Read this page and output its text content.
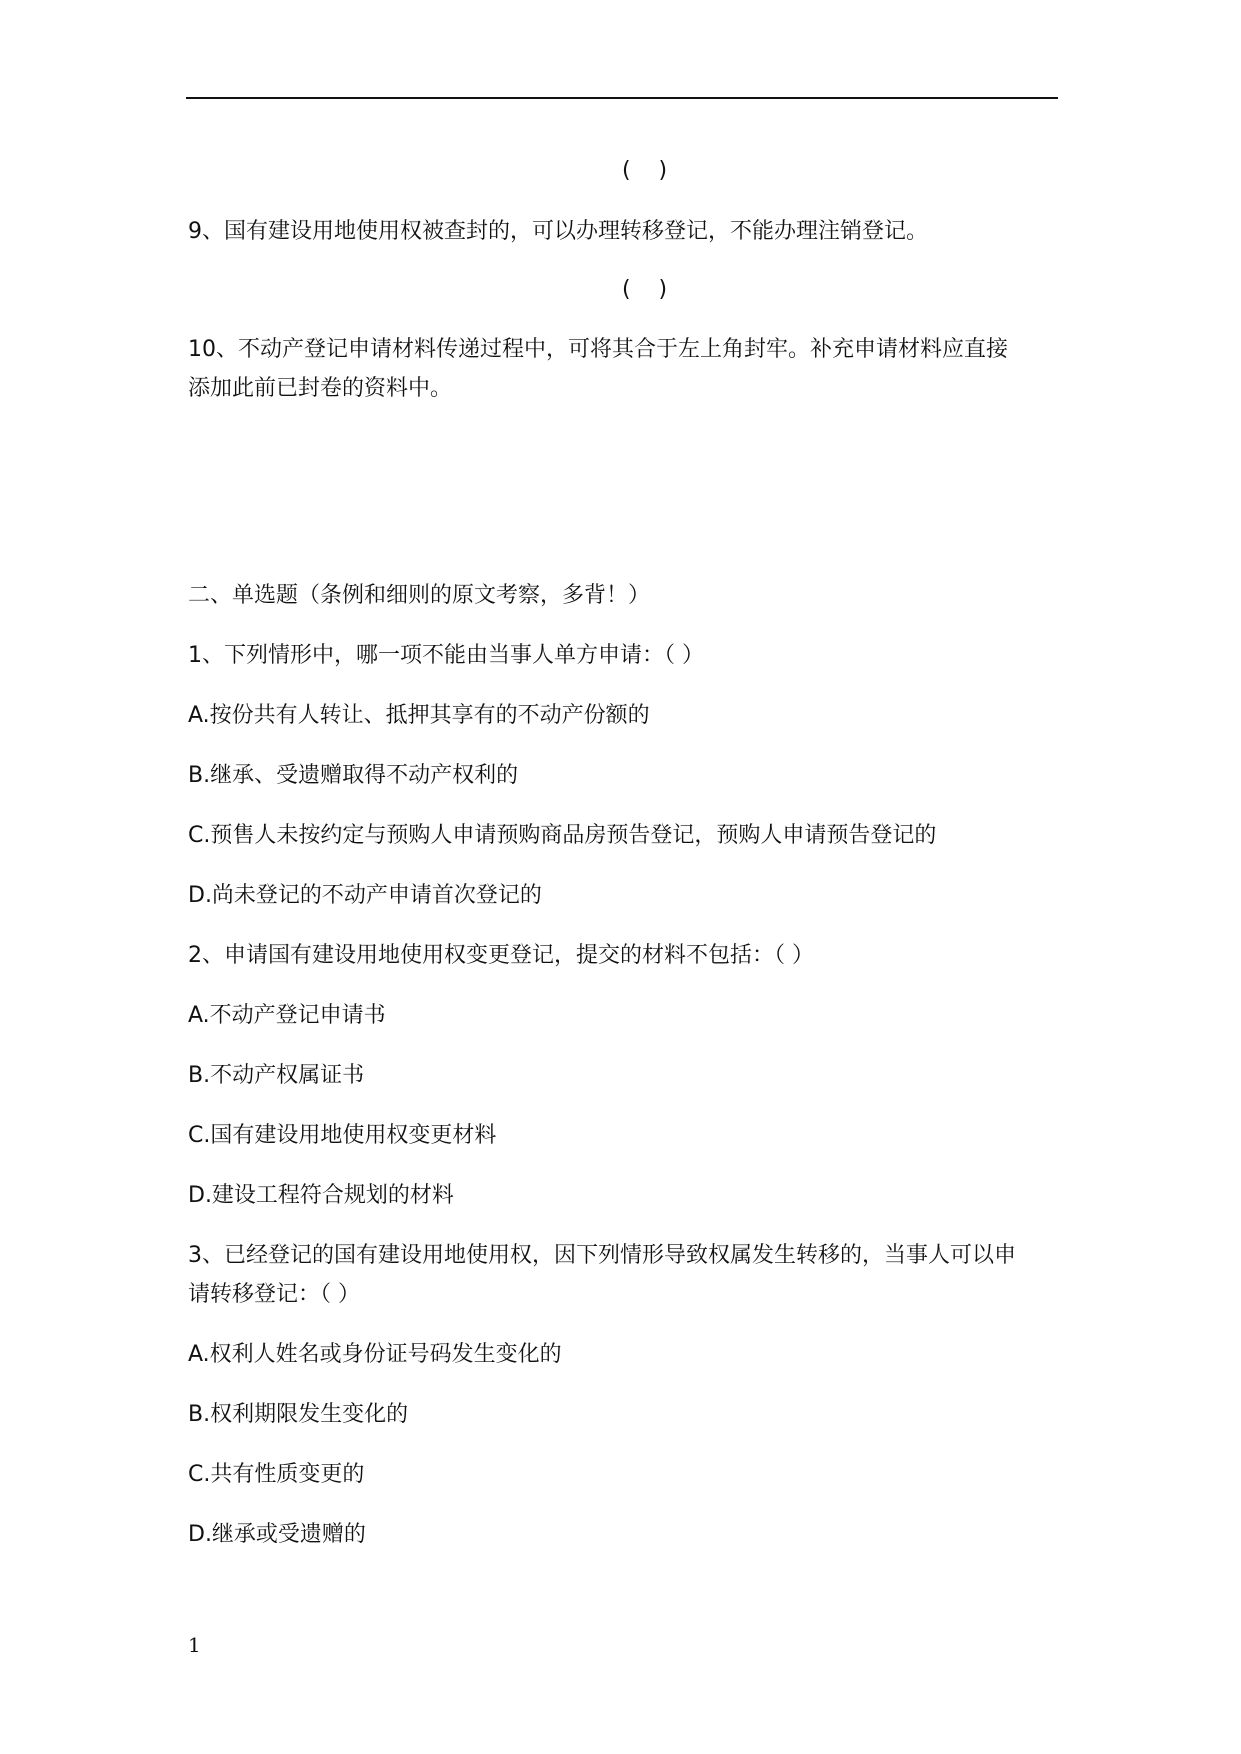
(    )
9、国有建设用地使用权被查封的，可以办理转移登记，不能办理注销登记。
(    )
10、不动产登记申请材料传递过程中，可将其合于左上角封牢。补充申请材料应直接
添加此前已封卷的资料中。
二、单选题（条例和细则的原文考察，多背！）
1、下列情形中，哪一项不能由当事人单方申请：（ ）
A.按份共有人转让、抵押其享有的不动产份额的
B.继承、受遗赠取得不动产权利的
C.预售人未按约定与预购人申请预购商品房预告登记，预购人申请预告登记的
D.尚未登记的不动产申请首次登记的
2、申请国有建设用地使用权变更登记，提交的材料不包括：（ ）
A.不动产登记申请书
B.不动产权属证书
C.国有建设用地使用权变更材料
D.建设工程符合规划的材料
3、已经登记的国有建设用地使用权，因下列情形导致权属发生转移的，当事人可以申
请转移登记：（ ）
A.权利人姓名或身份证号码发生变化的
B.权利期限发生变化的
C.共有性质变更的
D.继承或受遗赠的
1
